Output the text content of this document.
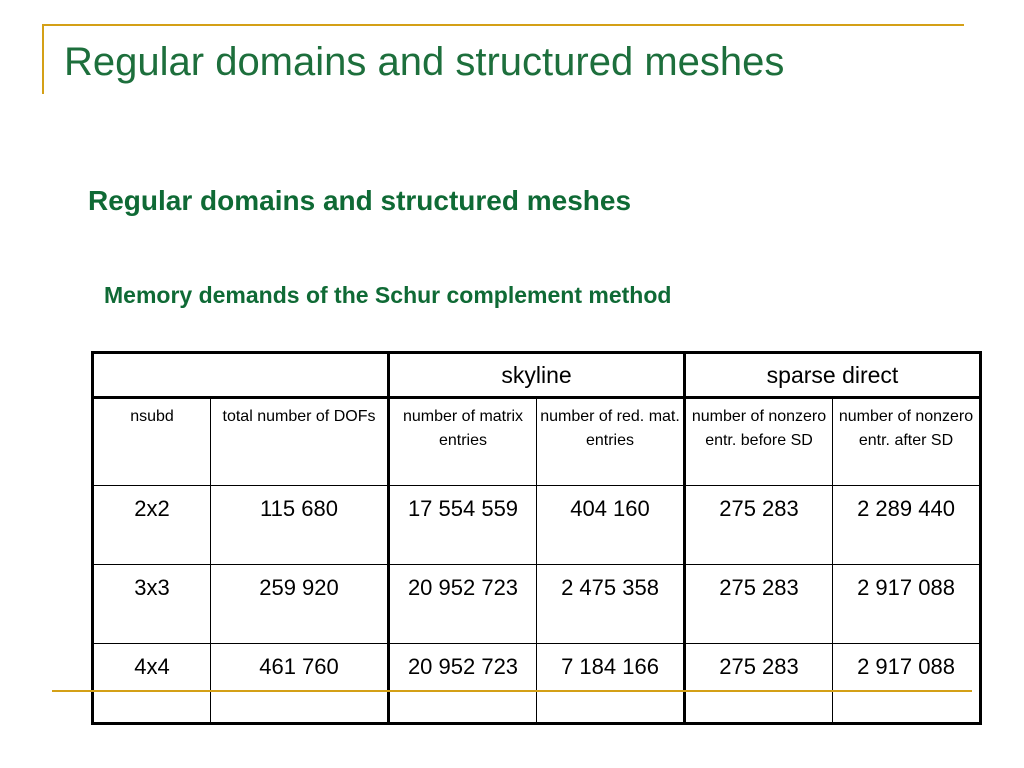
Regular domains and structured meshes
Regular domains and structured meshes
Memory demands of the Schur complement method
		skyline		sparse direct	
nsubd	total number of DOFs	number of matrix entries	number of red. mat. entries	number of nonzero entr. before SD	number of nonzero entr. after SD
2x2	115 680	17 554 559	404 160	275 283	2 289 440
3x3	259 920	20 952 723	2 475 358	275 283	2 917 088
4x4	461 760	20 952 723	7 184 166	275 283	2 917 088
